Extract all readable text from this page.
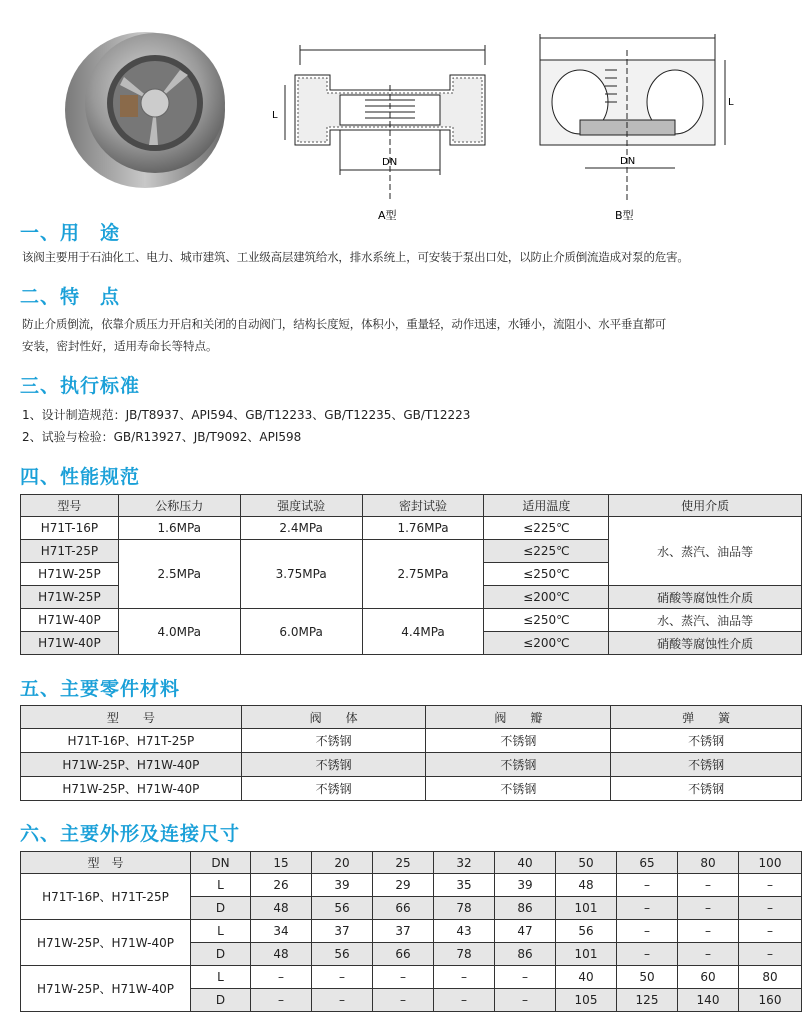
L
DN
A型
L
DN
B型
一、用　途
该阀主要用于石油化工、电力、城市建筑、工业级高层建筑给水，排水系统上，可安装于泵出口处，以防止介质倒流造成对泵的危害。
二、特　点
防止介质倒流，依靠介质压力开启和关闭的自动阀门，结构长度短，体积小，重量轻，动作迅速，水锤小，流阻小、水平垂直都可
安装，密封性好，适用寿命长等特点。
三、执行标准
1、设计制造规范：JB/T8937、API594、GB/T12233、GB/T12235、GB/T12223
2、试验与检验：GB/R13927、JB/T9092、API598
四、性能规范
型号	公称压力	强度试验	密封试验	适用温度	使用介质
H71T-16P	1.6MPa	2.4MPa	1.76MPa	≤225℃	水、蒸汽、油品等
H71T-25P	2.5MPa	3.75MPa	2.75MPa	≤225℃	
H71W-25P				≤250℃	
H71W-25P				≤200℃	硝酸等腐蚀性介质
H71W-40P	4.0MPa	6.0MPa	4.4MPa	≤250℃	水、蒸汽、油品等
H71W-40P				≤200℃	硝酸等腐蚀性介质
五、主要零件材料
型　　号	阀　　体	阀　　瓣	弹　　簧
H71T-16P、H71T-25P	不锈钢	不锈钢	不锈钢
H71W-25P、H71W-40P	不锈钢	不锈钢	不锈钢
H71W-25P、H71W-40P	不锈钢	不锈钢	不锈钢
六、主要外形及连接尺寸
型　号	DN	15	20	25	32	40	50	65	80	100
H71T-16P、H71T-25P	L	26	39	29	35	39	48	–	–	–
	D	48	56	66	78	86	101	–	–	–
H71W-25P、H71W-40P	L	34	37	37	43	47	56	–	–	–
	D	48	56	66	78	86	101	–	–	–
H71W-25P、H71W-40P	L	–	–	–	–	–	40	50	60	80
	D	–	–	–	–	–	105	125	140	160
